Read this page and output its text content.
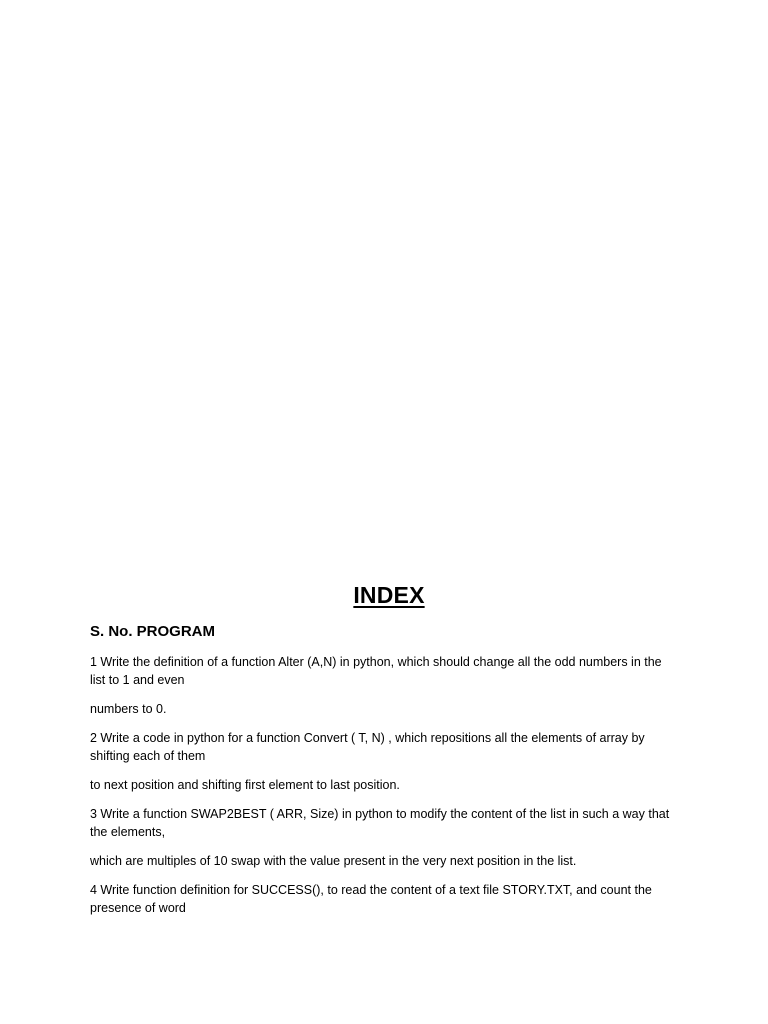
INDEX
S. No. PROGRAM

1 Write the definition of a function Alter (A,N) in python, which should change all the odd numbers in the list to 1 and even

numbers to 0.

2 Write a code in python for a function Convert ( T, N) , which repositions all the elements of array by shifting each of them

to next position and shifting first element to last position.

3 Write a function SWAP2BEST ( ARR, Size) in python to modify the content of the list in such a way that the elements,

which are multiples of 10 swap with the value present in the very next position in the list.

4 Write function definition for SUCCESS(), to read the content of a text file STORY.TXT, and count the presence of word
